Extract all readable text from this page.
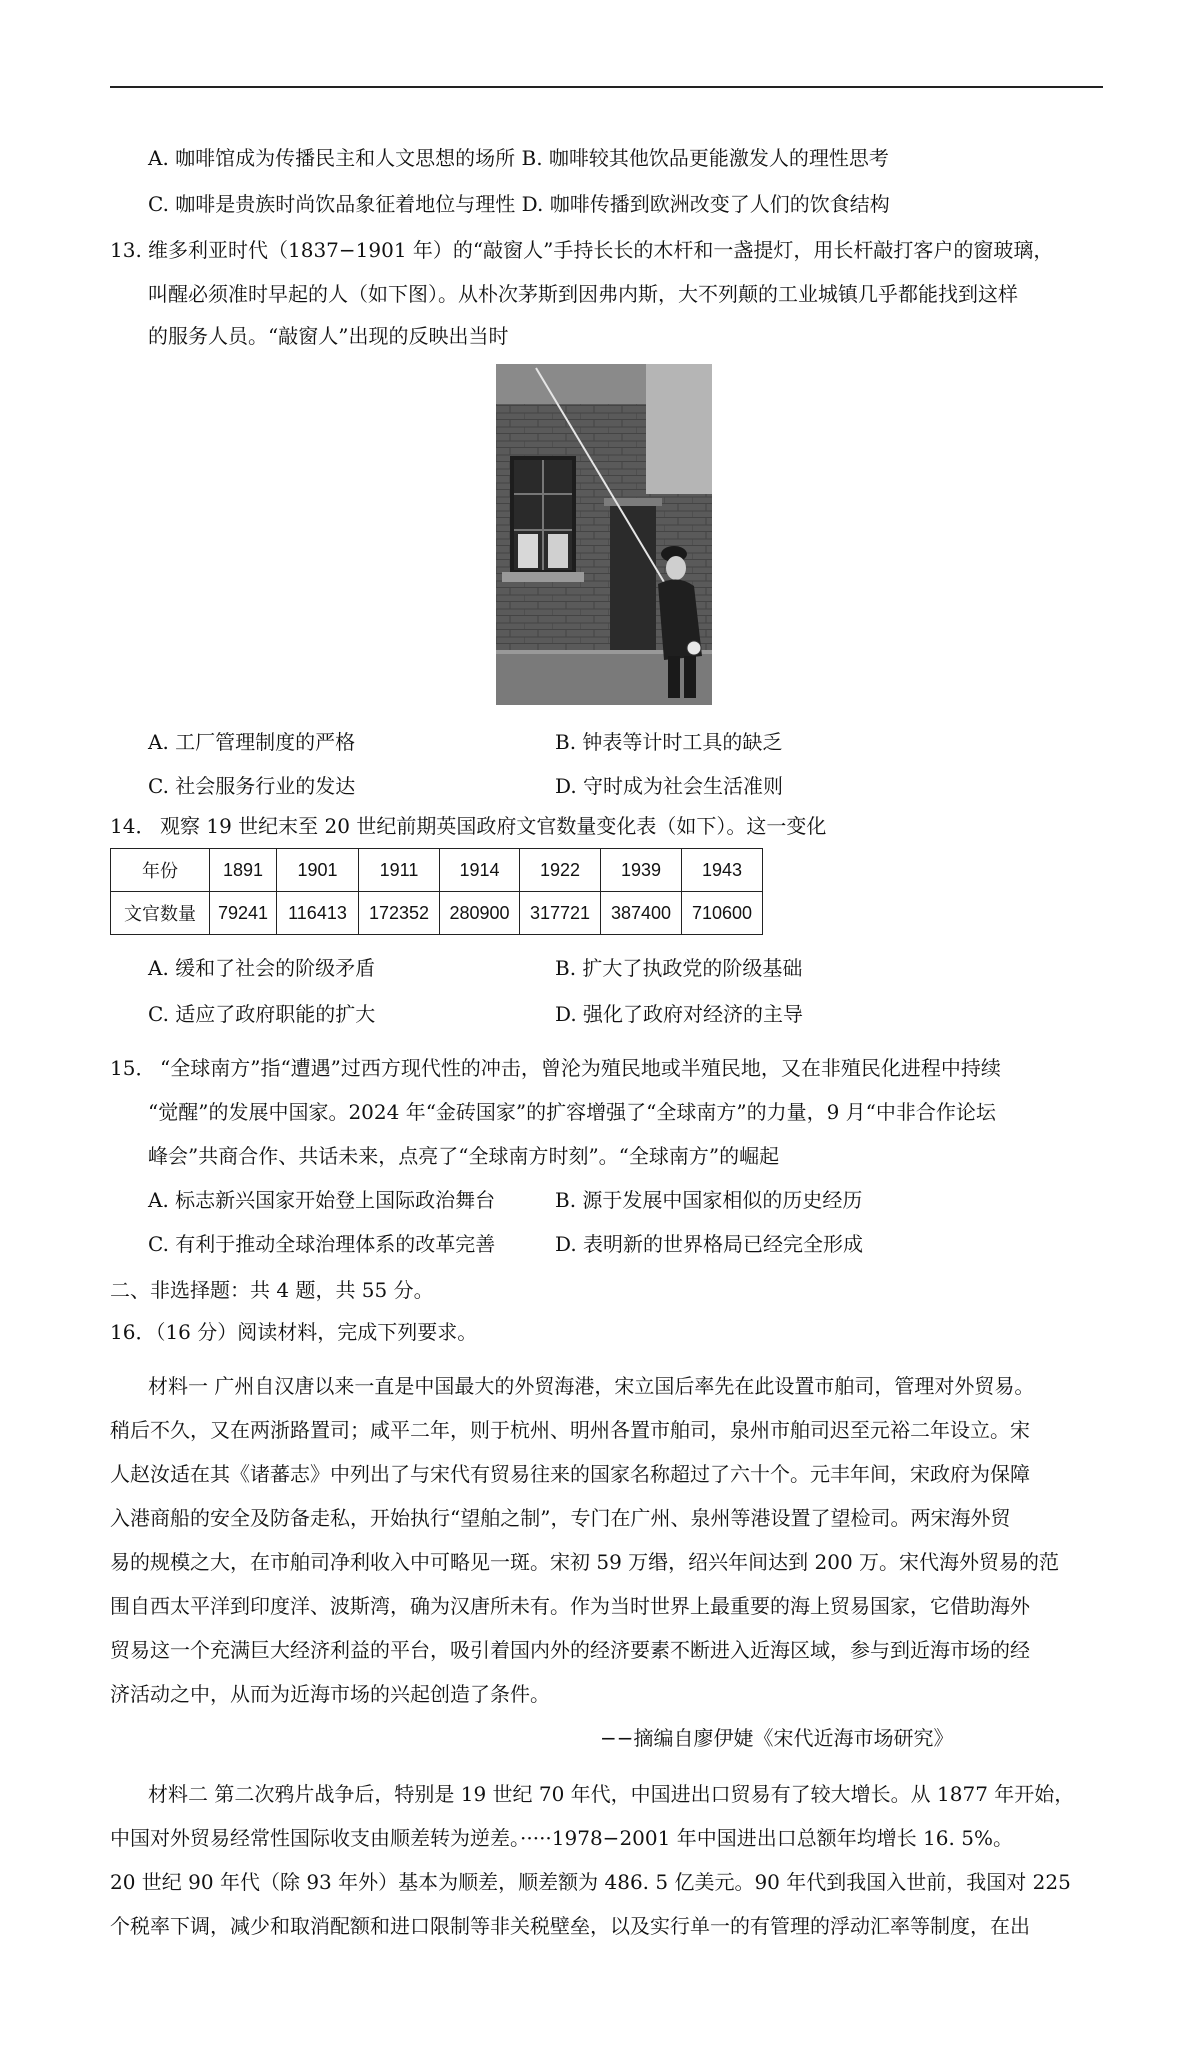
A. 咖啡馆成为传播民主和人文思想的场所 B. 咖啡较其他饮品更能激发人的理性思考
C. 咖啡是贵族时尚饮品象征着地位与理性 D. 咖啡传播到欧洲改变了人们的饮食结构
13. 维多利亚时代（1837−1901 年）的“敲窗人”手持长长的木杆和一盏提灯，用长杆敲打客户的窗玻璃，
叫醒必须准时早起的人（如下图）。从朴次茅斯到因弗内斯，大不列颠的工业城镇几乎都能找到这样
的服务人员。“敲窗人”出现的反映出当时
A. 工厂管理制度的严格	B. 钟表等计时工具的缺乏
C. 社会服务行业的发达	D. 守时成为社会生活准则
14． 观察 19 世纪末至 20 世纪前期英国政府文官数量变化表（如下）。这一变化
年份	1891	1901	1911	1914	1922	1939	1943
文官数量	79241	116413	172352	280900	317721	387400	710600
A. 缓和了社会的阶级矛盾	B. 扩大了执政党的阶级基础
C. 适应了政府职能的扩大	D. 强化了政府对经济的主导
15． “全球南方”指“遭遇”过西方现代性的冲击，曾沦为殖民地或半殖民地，又在非殖民化进程中持续
“觉醒”的发展中国家。2024 年“金砖国家”的扩容增强了“全球南方”的力量，9 月“中非合作论坛
峰会”共商合作、共话未来，点亮了“全球南方时刻”。“全球南方”的崛起
A. 标志新兴国家开始登上国际政治舞台	B. 源于发展中国家相似的历史经历
C. 有利于推动全球治理体系的改革完善	D. 表明新的世界格局已经完全形成
二、非选择题：共 4 题，共 55 分。
16．（16 分）阅读材料，完成下列要求。
材料一 广州自汉唐以来一直是中国最大的外贸海港，宋立国后率先在此设置市舶司，管理对外贸易。
稍后不久，又在两浙路置司；咸平二年，则于杭州、明州各置市舶司，泉州市舶司迟至元裕二年设立。宋
人赵汝适在其《诸蕃志》中列出了与宋代有贸易往来的国家名称超过了六十个。元丰年间，宋政府为保障
入港商船的安全及防备走私，开始执行“望舶之制”，专门在广州、泉州等港设置了望检司。两宋海外贸
易的规模之大，在市舶司净利收入中可略见一斑。宋初 59 万缗，绍兴年间达到 200 万。宋代海外贸易的范
围自西太平洋到印度洋、波斯湾，确为汉唐所未有。作为当时世界上最重要的海上贸易国家，它借助海外
贸易这一个充满巨大经济利益的平台，吸引着国内外的经济要素不断进入近海区域，参与到近海市场的经
济活动之中，从而为近海市场的兴起创造了条件。
−−摘编自廖伊婕《宋代近海市场研究》
材料二 第二次鸦片战争后，特别是 19 世纪 70 年代，中国进出口贸易有了较大增长。从 1877 年开始，
中国对外贸易经常性国际收支由顺差转为逆差。·····1978−2001 年中国进出口总额年均增长 16. 5%。
20 世纪 90 年代（除 93 年外）基本为顺差，顺差额为 486. 5 亿美元。90 年代到我国入世前，我国对 225
个税率下调，减少和取消配额和进口限制等非关税壁垒，以及实行单一的有管理的浮动汇率等制度，在出
